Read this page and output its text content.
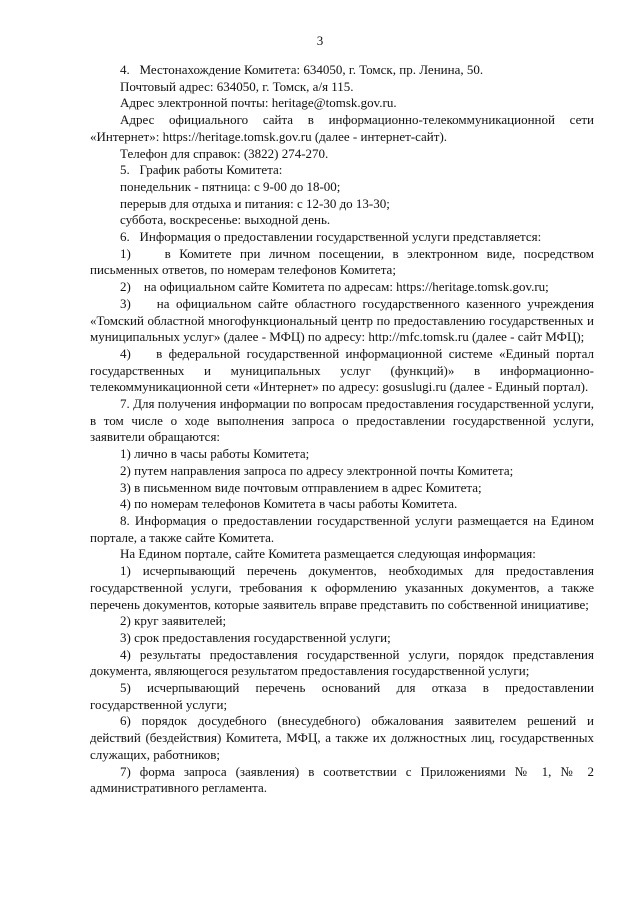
3

4.   Местонахождение Комитета: 634050, г. Томск, пр. Ленина, 50.

Почтовый адрес: 634050, г. Томск, а/я 115.

Адрес электронной почты: heritage@tomsk.gov.ru.

Адрес официального сайта в информационно-телекоммуникационной сети «Интернет»: https://heritage.tomsk.gov.ru (далее - интернет-сайт).

Телефон для справок: (3822) 274-270.

5.   График работы Комитета:

понедельник - пятница: с 9-00 до 18-00;

перерыв для отдыха и питания: с 12-30 до 13-30;

суббота, воскресенье: выходной день.

6.   Информация о предоставлении государственной услуги представляется:

1)    в Комитете при личном посещении, в электронном виде, посредством письменных ответов, по номерам телефонов Комитета;

2)    на официальном сайте Комитета по адресам: https://heritage.tomsk.gov.ru;

3)    на официальном сайте областного государственного казенного учреждения «Томский областной многофункциональный центр по предоставлению государственных и муниципальных услуг» (далее - МФЦ) по адресу: http://mfc.tomsk.ru (далее - сайт МФЦ);

4)    в федеральной государственной информационной системе «Единый портал государственных и муниципальных услуг (функций)» в информационно-телекоммуникационной сети «Интернет» по адресу: gosuslugi.ru (далее - Единый портал).

7. Для получения информации по вопросам предоставления государственной услуги, в том числе о ходе выполнения запроса о предоставлении государственной услуги, заявители обращаются:

1) лично в часы работы Комитета;

2) путем направления запроса по адресу электронной почты Комитета;

3) в письменном виде почтовым отправлением в адрес Комитета;

4) по номерам телефонов Комитета в часы работы Комитета.

8. Информация о предоставлении государственной услуги размещается на Едином портале, а также сайте Комитета.

На Едином портале, сайте Комитета размещается следующая информация:

1) исчерпывающий перечень документов, необходимых для предоставления государственной услуги, требования к оформлению указанных документов, а также перечень документов, которые заявитель вправе представить по собственной инициативе;

2) круг заявителей;

3) срок предоставления государственной услуги;

4) результаты предоставления государственной услуги, порядок представления документа, являющегося результатом предоставления государственной услуги;

5) исчерпывающий перечень оснований для отказа в предоставлении государственной услуги;

6) порядок досудебного (внесудебного) обжалования заявителем решений и действий (бездействия) Комитета, МФЦ, а также их должностных лиц, государственных служащих, работников;

7) форма запроса (заявления) в соответствии с Приложениями № 1, № 2 административного регламента.
